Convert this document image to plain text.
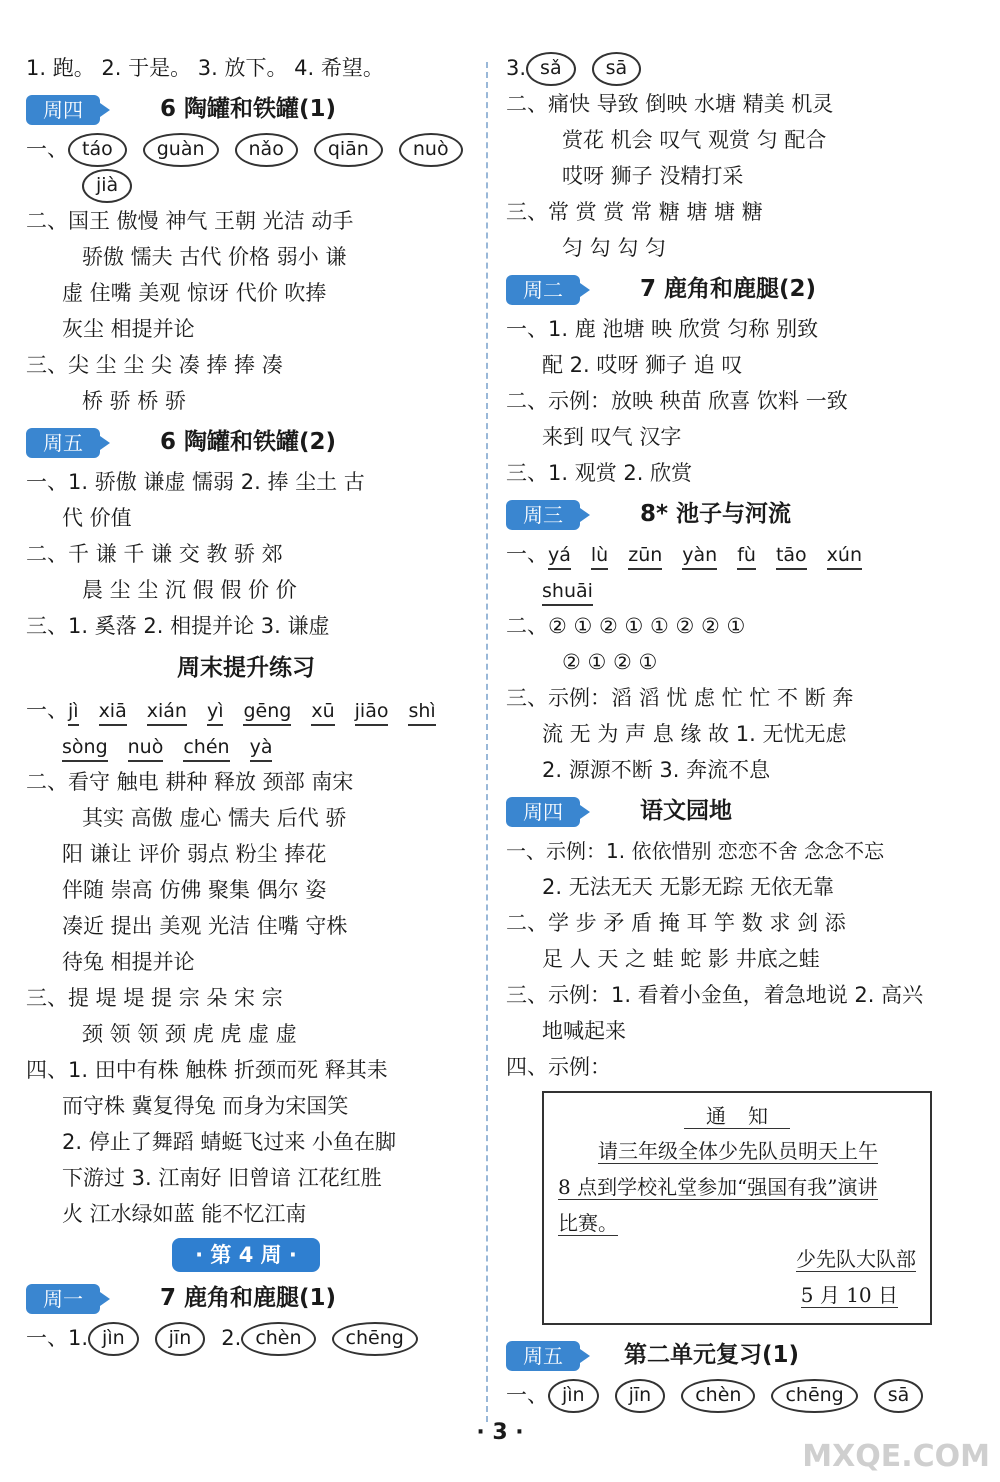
1. 跑。 2. 于是。 3. 放下。 4. 希望。
周四	6 陶罐和铁罐(1)
一、 táo guàn nǎo qiān nuò
jià
二、国王 傲慢 神气 王朝 光洁 动手
骄傲 懦夫 古代 价格 弱小 谦
虚 住嘴 美观 惊讶 代价 吹捧
灰尘 相提并论
三、尖 尘 尘 尖 凑 捧 捧 凑
桥 骄 桥 骄
周五	6 陶罐和铁罐(2)
一、1. 骄傲 谦虚 懦弱 2. 捧 尘土 古
代 价值
二、千 谦 千 谦 交 教 骄 郊
晨 尘 尘 沉 假 假 价 价
三、1. 奚落 2. 相提并论 3. 谦虚
周末提升练习
一、jì xiā xián yì gēng xū jiāo shì
sòng nuò chén yà
二、看守 触电 耕种 释放 颈部 南宋
其实 高傲 虚心 懦夫 后代 骄
阳 谦让 评价 弱点 粉尘 捧花
伴随 崇高 仿佛 聚集 偶尔 姿
凑近 提出 美观 光洁 住嘴 守株
待兔 相提并论
三、提 堤 堤 提 宗 朵 宋 宗
颈 领 领 颈 虎 虎 虚 虚
四、1. 田中有株 触株 折颈而死 释其耒
而守株 冀复得兔 而身为宋国笑
2. 停止了舞蹈 蜻蜓飞过来 小鱼在脚
下游过 3. 江南好 旧曾谙 江花红胜
火 江水绿如蓝 能不忆江南
· 第 4 周 ·
周一	7 鹿角和鹿腿(1)
一、1. jìn jīn 2. chèn chēng
3. sǎ sā
二、痛快 导致 倒映 水塘 精美 机灵
赏花 机会 叹气 观赏 匀 配合
哎呀 狮子 没精打采
三、常 赏 赏 常 糖 塘 塘 糖
匀 勾 勾 匀
周二	7 鹿角和鹿腿(2)
一、1. 鹿 池塘 映 欣赏 匀称 别致
配 2. 哎呀 狮子 追 叹
二、示例：放映 秧苗 欣喜 饮料 一致
来到 叹气 汉字
三、1. 观赏 2. 欣赏
周三	8* 池子与河流
一、yá lù zūn yàn fù tāo xún
shuāi
二、② ① ② ① ① ② ② ①
② ① ② ①
三、示例：滔 滔 忧 虑 忙 忙 不 断 奔
流 无 为 声 息 缘 故 1. 无忧无虑
2. 源源不断 3. 奔流不息
周四	语文园地
一、示例：1. 依依惜别 恋恋不舍 念念不忘
2. 无法无天 无影无踪 无依无靠
二、学 步 矛 盾 掩 耳 竽 数 求 剑 添
足 人 天 之 蛙 蛇 影 井底之蛙
三、示例：1. 看着小金鱼，着急地说 2. 高兴
地喊起来
四、示例：
通知
请三年级全体少先队员明天上午
8 点到学校礼堂参加“强国有我”演讲
比赛。
少先队大队部
5 月 10 日
周五	第二单元复习(1)
一、 jìn jīn chèn chēng sā
· 3 ·
MXQE.COM
